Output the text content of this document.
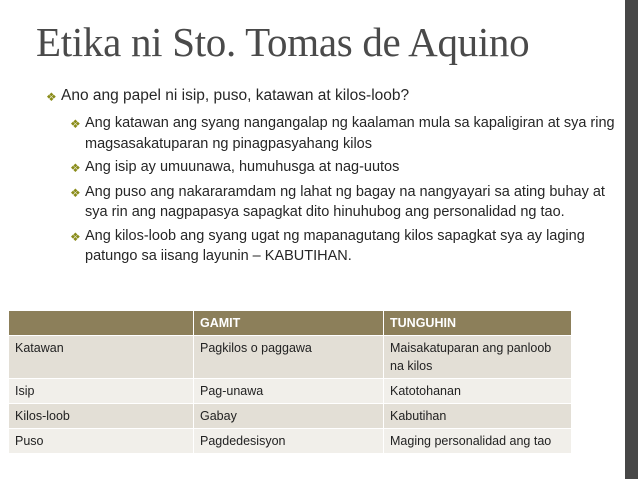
Etika ni Sto. Tomas de Aquino
❖ Ano ang papel ni isip, puso, katawan at kilos-loob?
❖ Ang katawan ang syang nangangalap ng kaalaman mula sa kapaligiran at sya ring magsasakatuparan ng pinagpasyahang kilos
❖ Ang isip ay umuunawa, humuhusga at nag-uutos
❖ Ang puso ang nakararamdam ng lahat ng bagay na nangyayari sa ating buhay at sya rin ang nagpapasya sapagkat dito hinuhubog ang personalidad ng tao.
❖ Ang kilos-loob ang syang ugat ng mapanagutang kilos sapagkat sya ay laging patungo sa iisang layunin – KABUTIHAN.
	GAMIT	TUNGUHIN
Katawan	Pagkilos o paggawa	Maisakatuparan ang panloob na kilos
Isip	Pag-unawa	Katotohanan
Kilos-loob	Gabay	Kabutihan
Puso	Pagdedesisyon	Maging personalidad ang tao
